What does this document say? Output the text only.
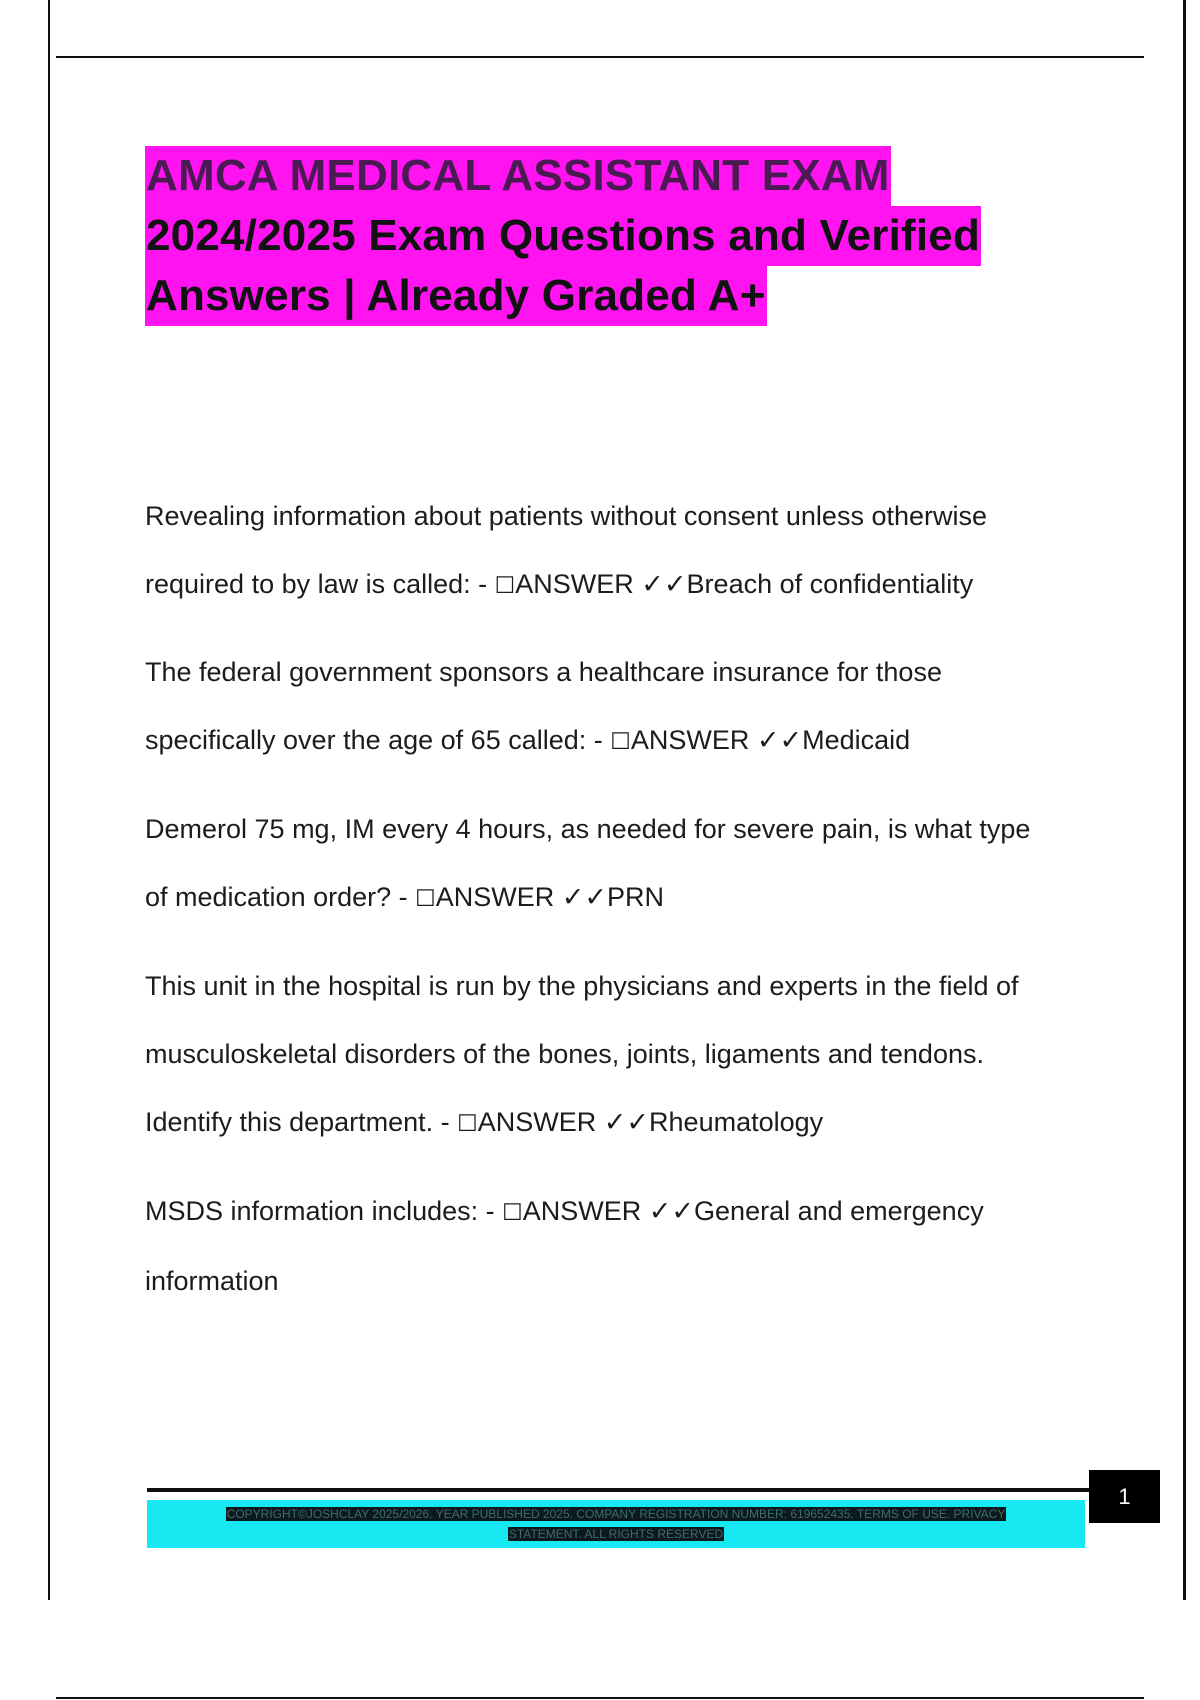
AMCA MEDICAL ASSISTANT EXAM
2024/2025 Exam Questions and Verified
Answers | Already Graded A+
Revealing information about patients without consent unless otherwise
required to by law is called: - ☐ANSWER ✓✓Breach of confidentiality
The federal government sponsors a healthcare insurance for those
specifically over the age of 65 called: - ☐ANSWER ✓✓Medicaid
Demerol 75 mg, IM every 4 hours, as needed for severe pain, is what type
of medication order? - ☐ANSWER ✓✓PRN
This unit in the hospital is run by the physicians and experts in the field of
musculoskeletal disorders of the bones, joints, ligaments and tendons.
Identify this department. - ☐ANSWER ✓✓Rheumatology
MSDS information includes: - ☐ANSWER ✓✓General and emergency
information
1
COPYRIGHT©JOSHCLAY 2025/2026. YEAR PUBLISHED 2025. COMPANY REGISTRATION NUMBER: 619652435. TERMS OF USE. PRIVACY
STATEMENT. ALL RIGHTS RESERVED
